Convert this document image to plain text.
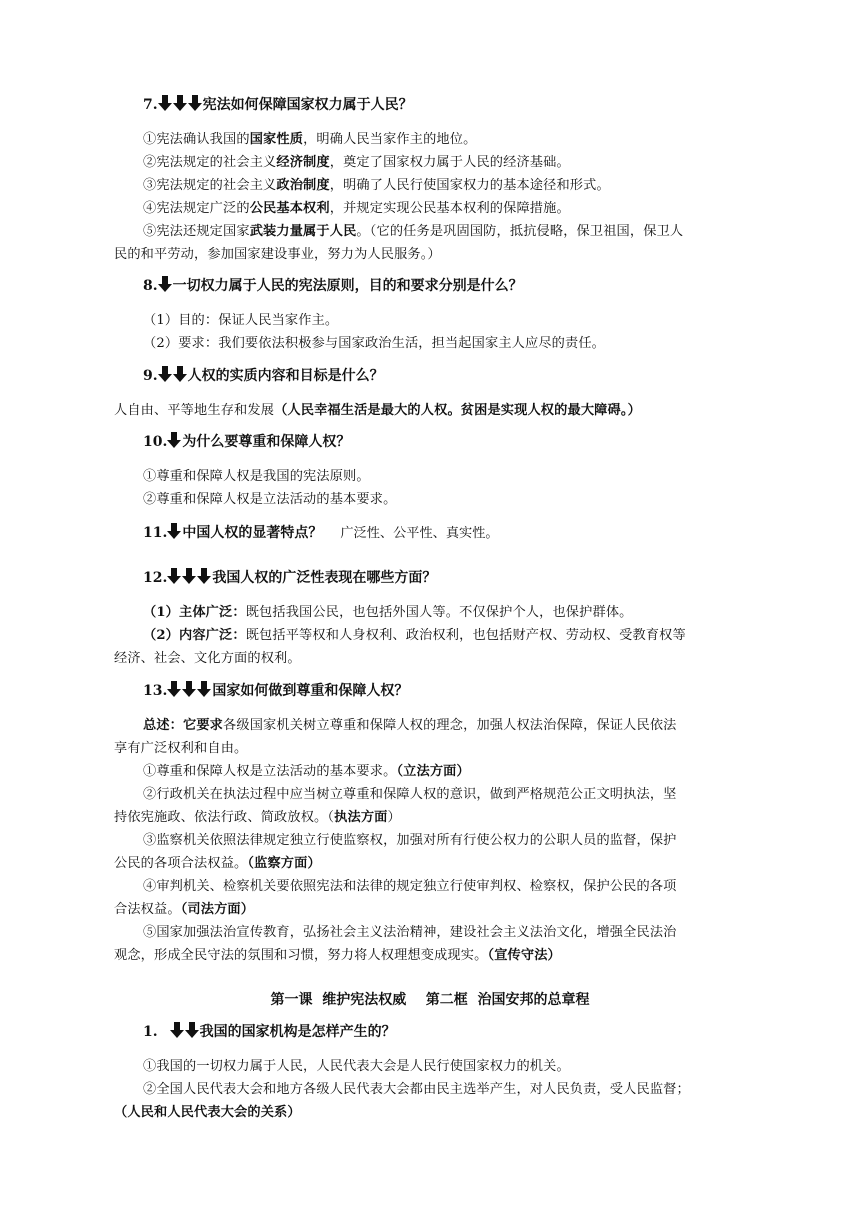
7.	宪法如何保障国家权力属于人民？
①宪法确认我国的国家性质，明确人民当家作主的地位。
②宪法规定的社会主义经济制度，奠定了国家权力属于人民的经济基础。
③宪法规定的社会主义政治制度，明确了人民行使国家权力的基本途径和形式。
④宪法规定广泛的公民基本权利，并规定实现公民基本权利的保障措施。
⑤宪法还规定国家武装力量属于人民。（它的任务是巩固国防，抵抗侵略，保卫祖国，保卫人
民的和平劳动，参加国家建设事业，努力为人民服务。）
8. 一切权力属于人民的宪法原则，目的和要求分别是什么？
（1）目的：保证人民当家作主。
（2）要求：我们要依法积极参与国家政治生活，担当起国家主人应尽的责任。
9. 人权的实质内容和目标是什么？
人自由、平等地生存和发展（人民幸福生活是最大的人权。贫困是实现人权的最大障碍。）
10. 为什么要尊重和保障人权？
①尊重和保障人权是我国的宪法原则。
②尊重和保障人权是立法活动的基本要求。
11. 中国人权的显著特点？ 广泛性、公平性、真实性。
12.	我国人权的广泛性表现在哪些方面？
（1）主体广泛：既包括我国公民，也包括外国人等。不仅保护个人，也保护群体。
（2）内容广泛：既包括平等权和人身权利、政治权利，也包括财产权、劳动权、受教育权等
经济、社会、文化方面的权利。
13.	国家如何做到尊重和保障人权？
总述：它要求各级国家机关树立尊重和保障人权的理念，加强人权法治保障，保证人民依法
享有广泛权利和自由。
①尊重和保障人权是立法活动的基本要求。（立法方面）
②行政机关在执法过程中应当树立尊重和保障人权的意识，做到严格规范公正文明执法，坚
持依宪施政、依法行政、简政放权。（执法方面）
③监察机关依照法律规定独立行使监察权，加强对所有行使公权力的公职人员的监督，保护
公民的各项合法权益。（监察方面）
④审判机关、检察机关要依照宪法和法律的规定独立行使审判权、检察权，保护公民的各项
合法权益。（司法方面）
⑤国家加强法治宣传教育，弘扬社会主义法治精神，建设社会主义法治文化，增强全民法治
观念，形成全民守法的氛围和习惯，努力将人权理想变成现实。（宣传守法）
第一课  维护宪法权威    第二框  治国安邦的总章程
1.	我国的国家机构是怎样产生的？
①我国的一切权力属于人民，人民代表大会是人民行使国家权力的机关。
②全国人民代表大会和地方各级人民代表大会都由民主选举产生，对人民负责，受人民监督；
（人民和人民代表大会的关系）
